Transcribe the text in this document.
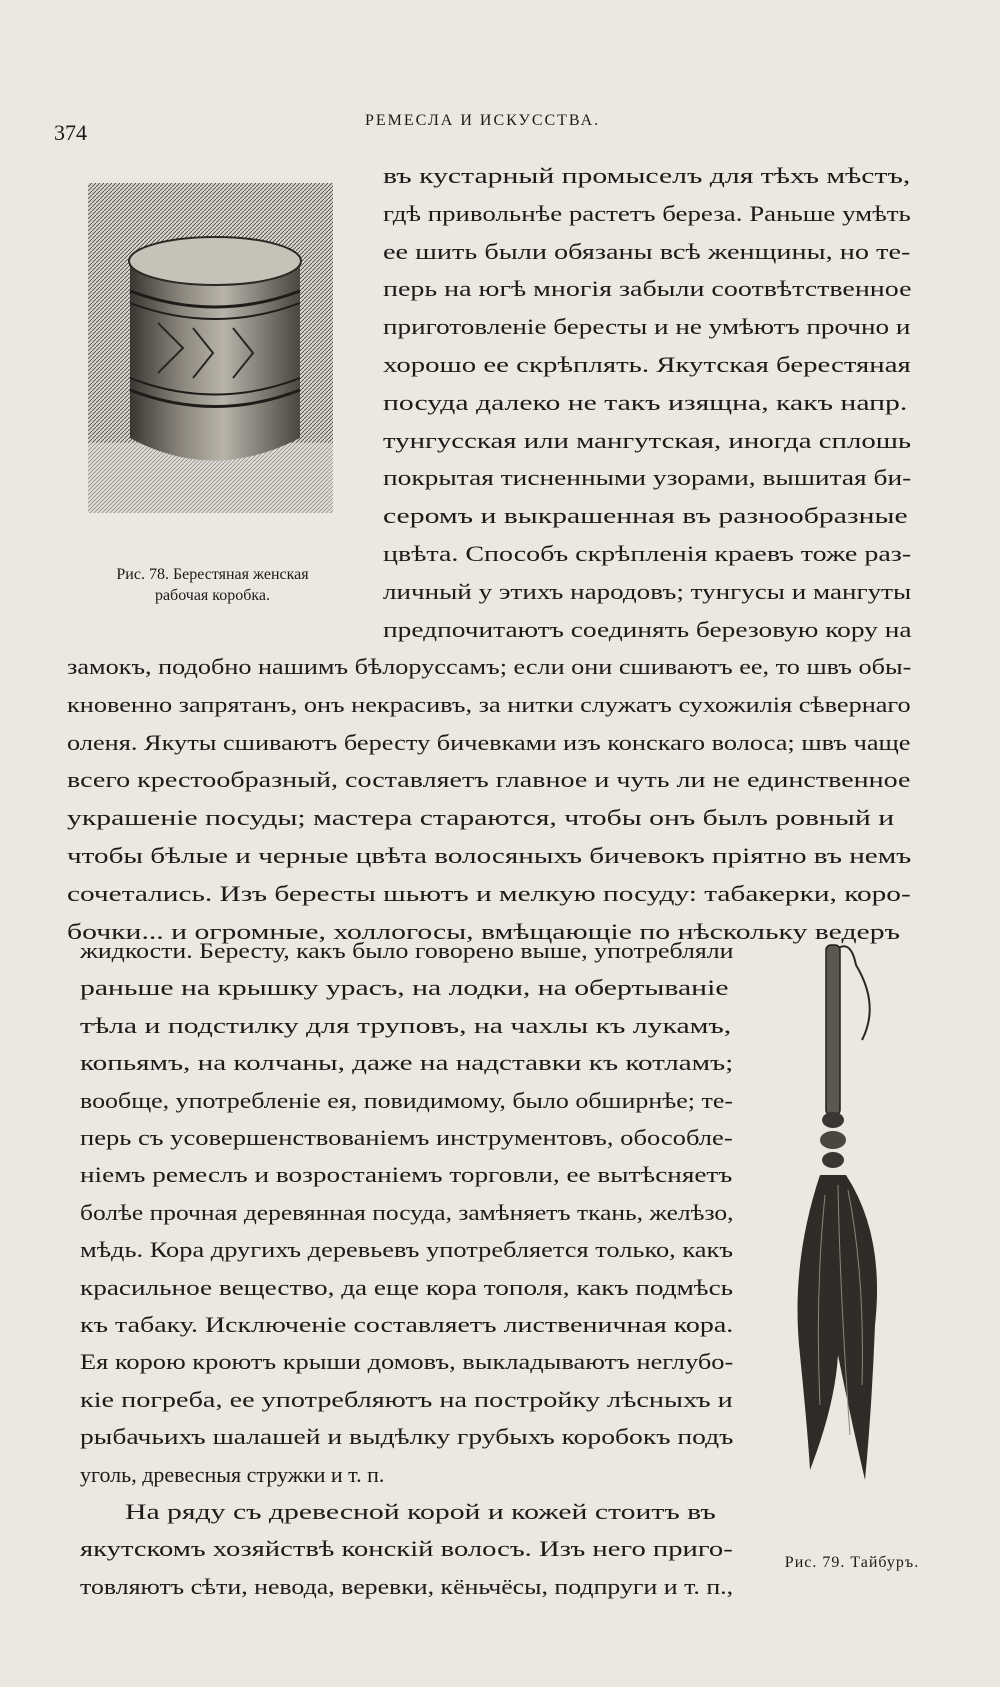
374	РЕМЕСЛА И ИСКУССТВА.
Рис. 78. Берестяная женская
рабочая коробка.
Рис. 79. Тайбуръ.
въ кустарный промыселъ для тѣхъ мѣстъ,
гдѣ привольнѣе растетъ береза. Раньше умѣть
ее шить были обязаны всѣ женщины, но те-
перь на югѣ многія забыли соотвѣтственное
приготовленіе бересты и не умѣютъ прочно и
хорошо ее скрѣплять. Якутская берестяная
посуда далеко не такъ изящна, какъ напр.
тунгусская или мангутская, иногда сплошь
покрытая тисненными узорами, вышитая би-
серомъ и выкрашенная въ разнообразные
цвѣта. Способъ скрѣпленія краевъ тоже раз-
личный у этихъ народовъ; тунгусы и мангуты
предпочитаютъ соединять березовую кору на
замокъ, подобно нашимъ бѣлоруссамъ; если они сшиваютъ ее, то швъ обы-
кновенно запрятанъ, онъ некрасивъ, за нитки служатъ сухожилія сѣвернаго
оленя. Якуты сшиваютъ бересту бичевками изъ конскаго волоса; швъ чаще
всего крестообразный, составляетъ главное и чуть ли не единственное
украшеніе посуды; мастера стараются, чтобы онъ былъ ровный и
чтобы бѣлые и черные цвѣта волосяныхъ бичевокъ пріятно въ немъ
сочетались. Изъ бересты шьютъ и мелкую посуду: табакерки, коро-
бочки... и огромные, холлогосы, вмѣщающіе по нѣскольку ведеръ
жидкости. Бересту, какъ было говорено выше, употребляли
раньше на крышку урасъ, на лодки, на обертываніе
тѣла и подстилку для труповъ, на чахлы къ лукамъ,
копьямъ, на колчаны, даже на надставки къ котламъ;
вообще, употребленіе ея, повидимому, было обширнѣе; те-
перь съ усовершенствованіемъ инструментовъ, обособле-
ніемъ ремеслъ и возростаніемъ торговли, ее вытѣсняетъ
болѣе прочная деревянная посуда, замѣняетъ ткань, желѣзо,
мѣдь. Кора другихъ деревьевъ употребляется только, какъ
красильное вещество, да еще кора тополя, какъ подмѣсь
къ табаку. Исключеніе составляетъ лиственичная кора.
Ея корою кроютъ крыши домовъ, выкладываютъ неглубо-
кіе погреба, ее употребляютъ на постройку лѣсныхъ и
рыбачьихъ шалашей и выдѣлку грубыхъ коробокъ подъ
уголь, древесныя стружки и т. п.
На ряду съ древесной корой и кожей стоитъ въ
якутскомъ хозяйствѣ конскій волосъ. Изъ него приго-
товляютъ сѣти, невода, веревки, кёньчёсы, подпруги и т. п.,
